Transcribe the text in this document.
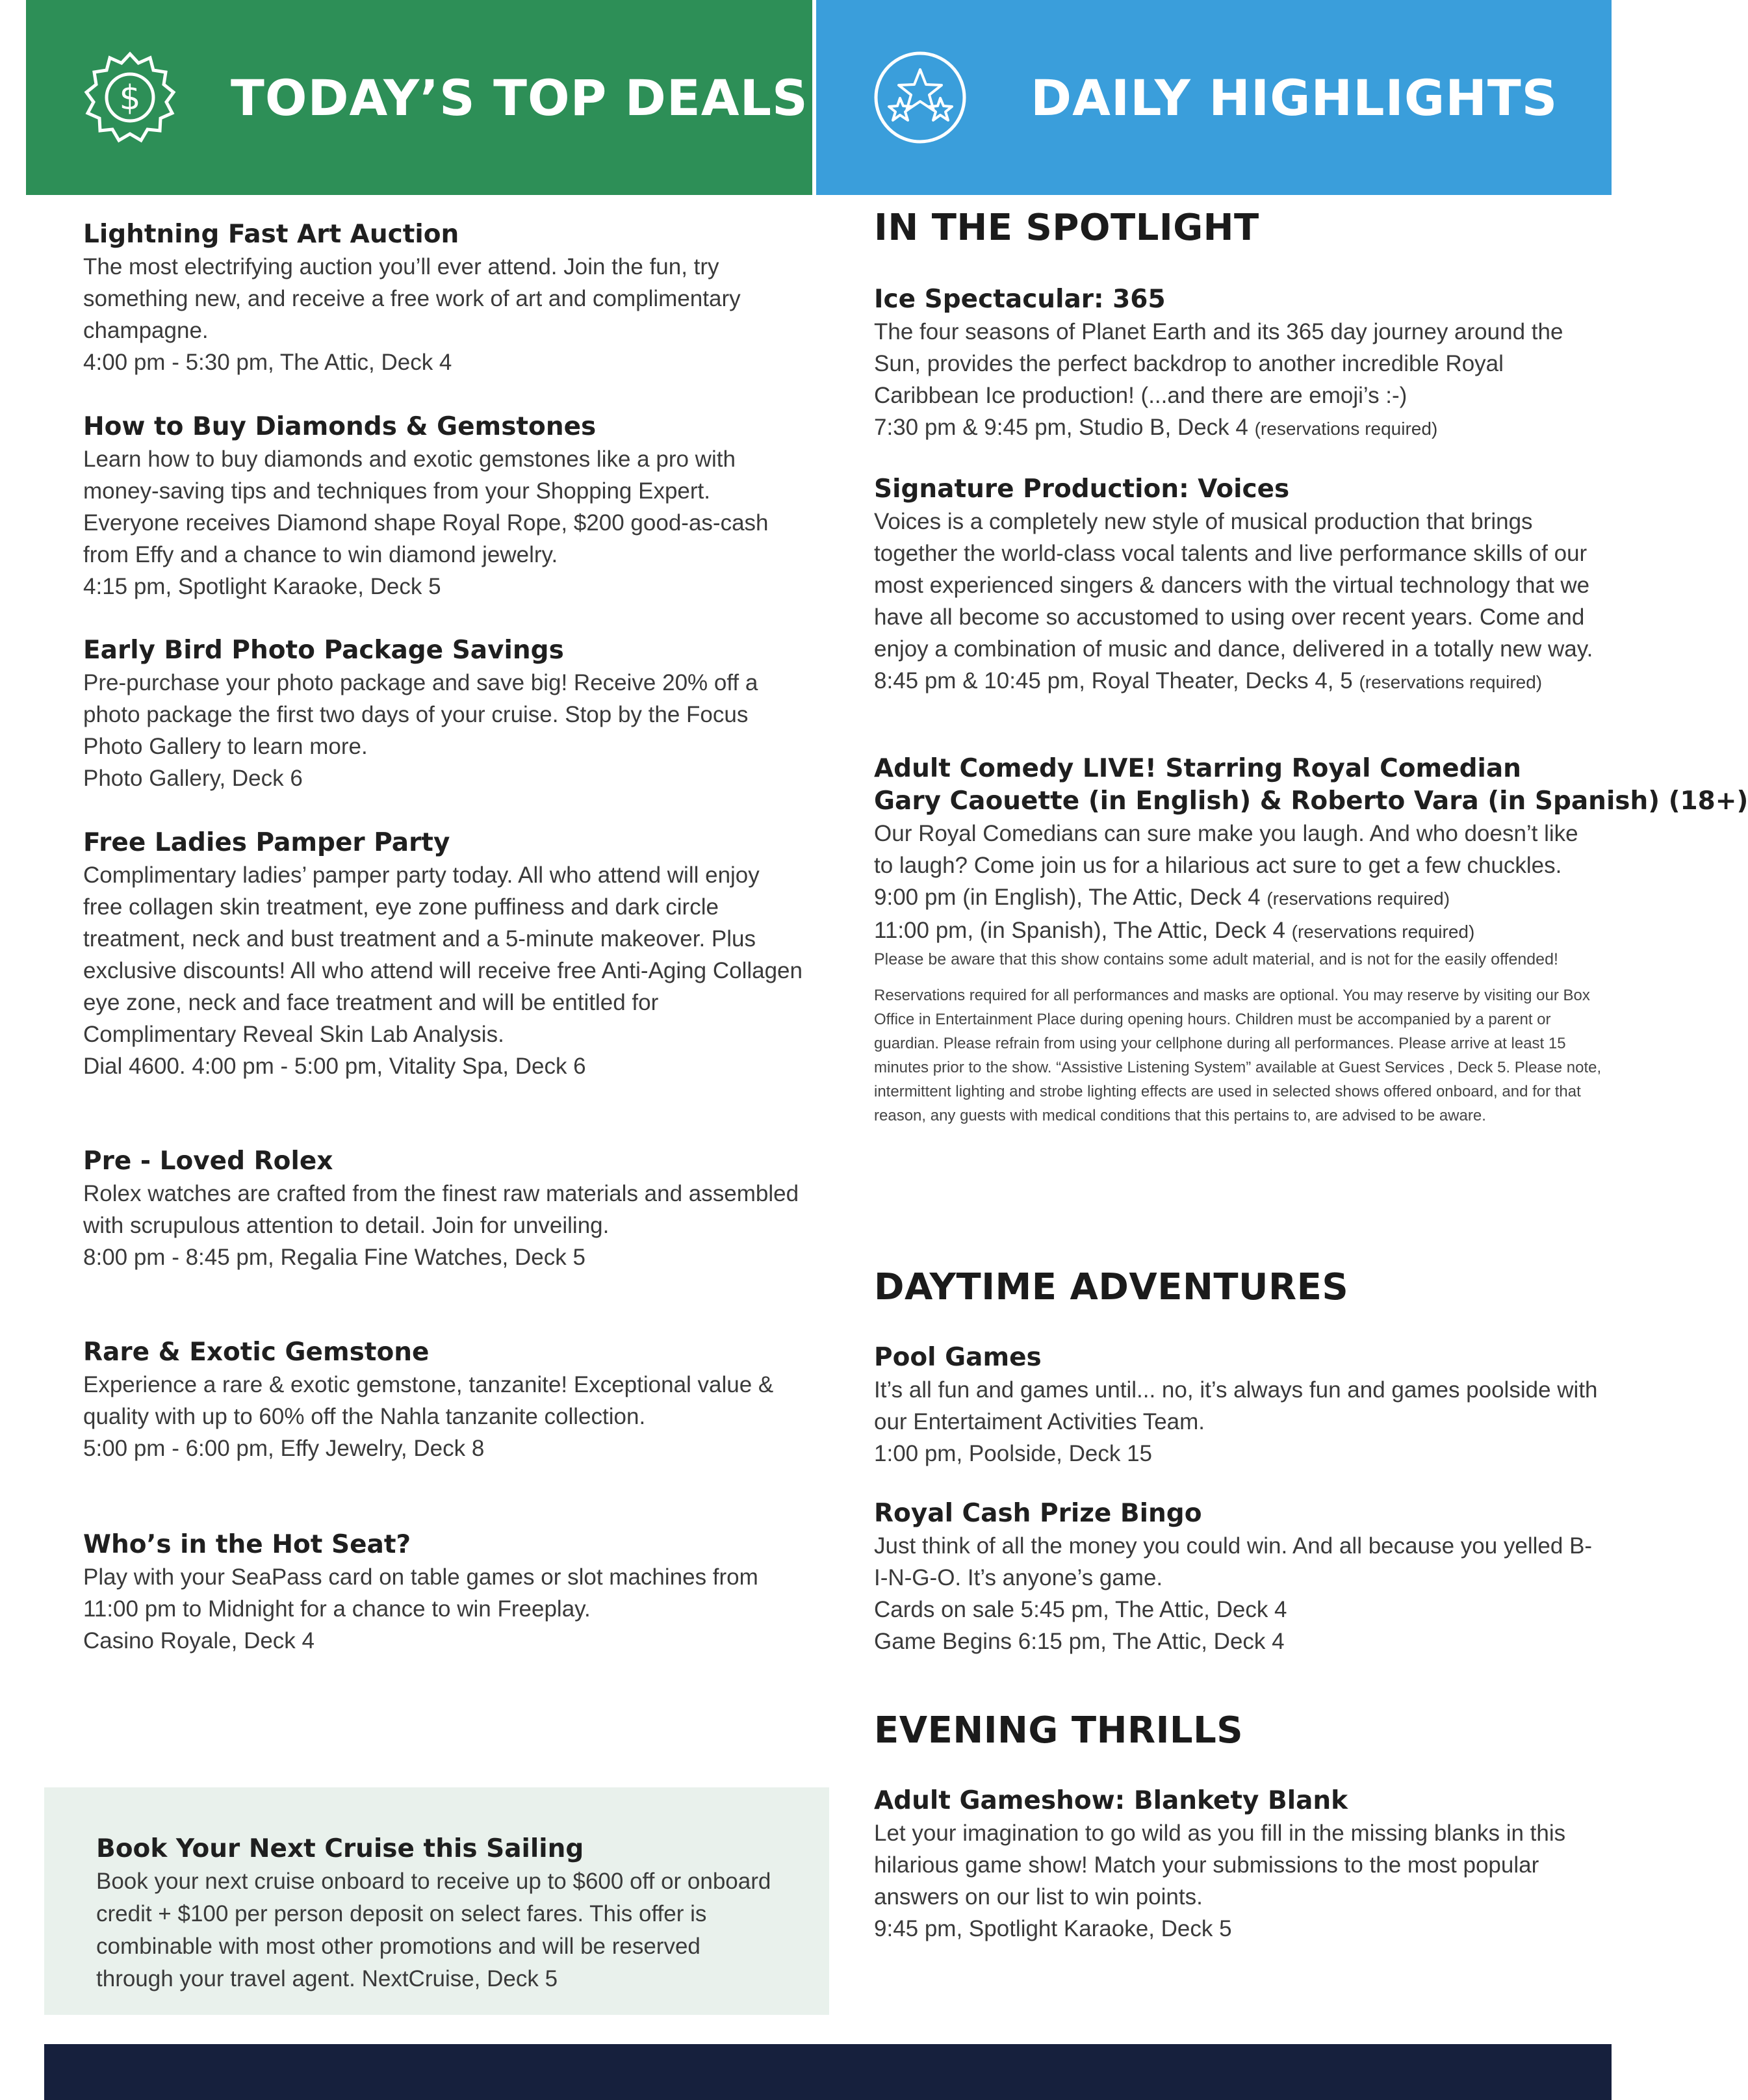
$ TODAY’S TOP DEALS	DAILY HIGHLIGHTS
Lightning Fast Art Auction
The most electrifying auction you’ll ever attend. Join the fun, try something new, and receive a free work of art and complimentary champagne.
4:00 pm - 5:30 pm, The Attic, Deck 4
How to Buy Diamonds & Gemstones
Learn how to buy diamonds and exotic gemstones like a pro with money-saving tips and techniques from your Shopping Expert. Everyone receives Diamond shape Royal Rope, $200 good-as-cash from Effy and a chance to win diamond jewelry.
4:15 pm, Spotlight Karaoke, Deck 5
Early Bird Photo Package Savings
Pre-purchase your photo package and save big! Receive 20% off a photo package the first two days of your cruise. Stop by the Focus Photo Gallery to learn more.
Photo Gallery, Deck 6
Free Ladies Pamper Party
Complimentary ladies’ pamper party today. All who attend will enjoy free collagen skin treatment, eye zone puffiness and dark circle treatment, neck and bust treatment and a 5-minute makeover. Plus exclusive discounts! All who attend will receive free Anti-Aging Collagen eye zone, neck and face treatment and will be entitled for Complimentary Reveal Skin Lab Analysis.
Dial 4600. 4:00 pm - 5:00 pm, Vitality Spa, Deck 6
Pre - Loved Rolex
Rolex watches are crafted from the finest raw materials and assembled with scrupulous attention to detail. Join for unveiling.
8:00 pm - 8:45 pm, Regalia Fine Watches, Deck 5
Rare & Exotic Gemstone
Experience a rare & exotic gemstone, tanzanite! Exceptional value & quality with up to 60% off the Nahla tanzanite collection.
5:00 pm - 6:00 pm, Effy Jewelry, Deck 8
Who’s in the Hot Seat?
Play with your SeaPass card on table games or slot machines from 11:00 pm to Midnight for a chance to win Freeplay.
Casino Royale, Deck 4
Book Your Next Cruise this Sailing
Book your next cruise onboard to receive up to $600 off or onboard credit + $100 per person deposit on select fares. This offer is combinable with most other promotions and will be reserved through your travel agent. NextCruise, Deck 5
IN THE SPOTLIGHT
Ice Spectacular: 365
The four seasons of Planet Earth and its 365 day journey around the Sun, provides the perfect backdrop to another incredible Royal Caribbean Ice production! (...and there are emoji’s :-)
7:30 pm & 9:45 pm, Studio B, Deck 4 (reservations required)
Signature Production: Voices
Voices is a completely new style of musical production that brings together the world-class vocal talents and live performance skills of our most experienced singers & dancers with the virtual technology that we have all become so accustomed to using over recent years. Come and enjoy a combination of music and dance, delivered in a totally new way.
8:45 pm & 10:45 pm, Royal Theater, Decks 4, 5 (reservations required)
Adult Comedy LIVE! Starring Royal Comedian
Gary Caouette (in English) & Roberto Vara (in Spanish) (18+)
Our Royal Comedians can sure make you laugh. And who doesn’t like to laugh? Come join us for a hilarious act sure to get a few chuckles.
9:00 pm (in English), The Attic, Deck 4 (reservations required)
11:00 pm, (in Spanish), The Attic, Deck 4 (reservations required)
Please be aware that this show contains some adult material, and is not for the easily offended!
Reservations required for all performances and masks are optional. You may reserve by visiting our Box Office in Entertainment Place during opening hours. Children must be accompanied by a parent or guardian. Please refrain from using your cellphone during all performances. Please arrive at least 15 minutes prior to the show. “Assistive Listening System” available at Guest Services , Deck 5. Please note, intermittent lighting and strobe lighting effects are used in selected shows offered onboard, and for that reason, any guests with medical conditions that this pertains to, are advised to be aware.
DAYTIME ADVENTURES
Pool Games
It’s all fun and games until... no, it’s always fun and games poolside with our Entertaiment Activities Team.
1:00 pm, Poolside, Deck 15
Royal Cash Prize Bingo
Just think of all the money you could win. And all because you yelled B-I-N-G-O. It’s anyone’s game.
Cards on sale 5:45 pm, The Attic, Deck 4
Game Begins 6:15 pm, The Attic, Deck 4
EVENING THRILLS
Adult Gameshow: Blankety Blank
Let your imagination to go wild as you fill in the missing blanks in this hilarious game show! Match your submissions to the most popular answers on our list to win points.
9:45 pm, Spotlight Karaoke, Deck 5
